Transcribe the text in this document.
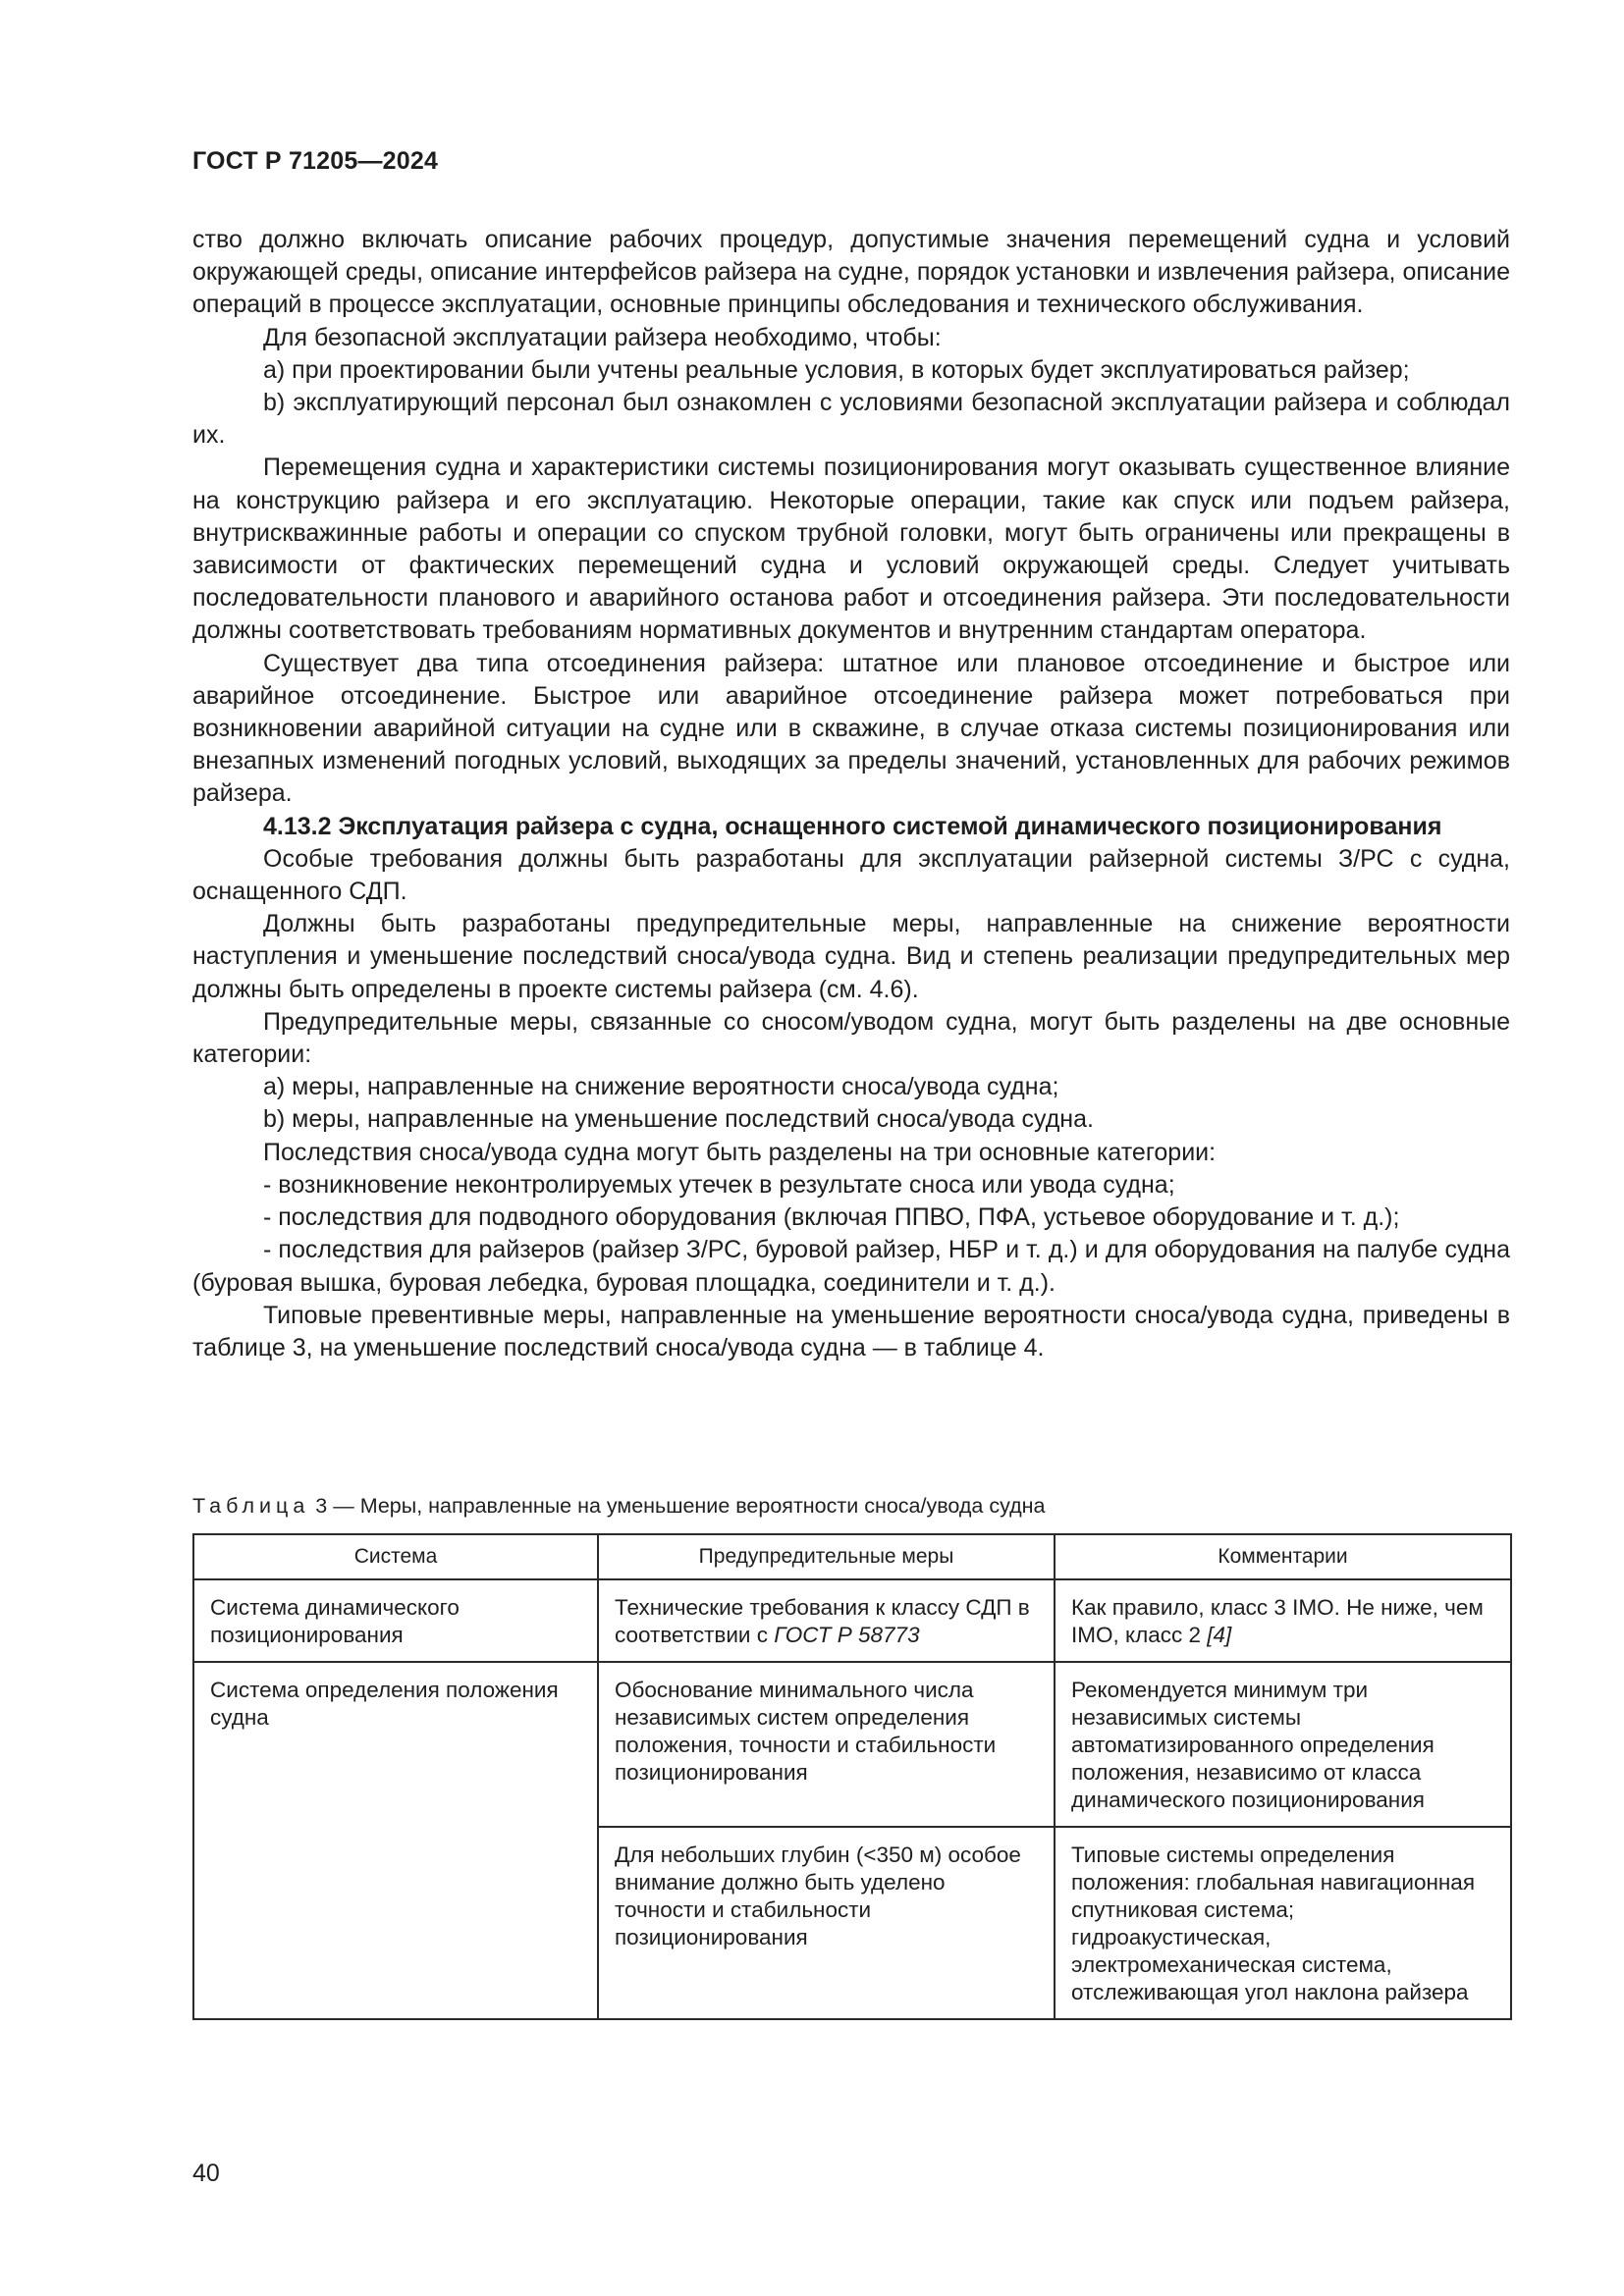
ГОСТ Р 71205—2024

ство должно включать описание рабочих процедур, допустимые значения перемещений судна и условий окружающей среды, описание интерфейсов райзера на судне, порядок установки и извлечения райзера, описание операций в процессе эксплуатации, основные принципы обследования и технического обслуживания.

Для безопасной эксплуатации райзера необходимо, чтобы:

a) при проектировании были учтены реальные условия, в которых будет эксплуатироваться райзер;

b) эксплуатирующий персонал был ознакомлен с условиями безопасной эксплуатации райзера и соблюдал их.

Перемещения судна и характеристики системы позиционирования могут оказывать существенное влияние на конструкцию райзера и его эксплуатацию. Некоторые операции, такие как спуск или подъем райзера, внутрискважинные работы и операции со спуском трубной головки, могут быть ограничены или прекращены в зависимости от фактических перемещений судна и условий окружающей среды. Следует учитывать последовательности планового и аварийного останова работ и отсоединения райзера. Эти последовательности должны соответствовать требованиям нормативных документов и внутренним стандартам оператора.

Существует два типа отсоединения райзера: штатное или плановое отсоединение и быстрое или аварийное отсоединение. Быстрое или аварийное отсоединение райзера может потребоваться при возникновении аварийной ситуации на судне или в скважине, в случае отказа системы позиционирования или внезапных изменений погодных условий, выходящих за пределы значений, установленных для рабочих режимов райзера.

4.13.2 Эксплуатация райзера с судна, оснащенного системой динамического позиционирования

Особые требования должны быть разработаны для эксплуатации райзерной системы З/РС с судна, оснащенного СДП.

Должны быть разработаны предупредительные меры, направленные на снижение вероятности наступления и уменьшение последствий сноса/увода судна. Вид и степень реализации предупредительных мер должны быть определены в проекте системы райзера (см. 4.6).

Предупредительные меры, связанные со сносом/уводом судна, могут быть разделены на две основные категории:

a) меры, направленные на снижение вероятности сноса/увода судна;

b) меры, направленные на уменьшение последствий сноса/увода судна.

Последствия сноса/увода судна могут быть разделены на три основные категории:

- возникновение неконтролируемых утечек в результате сноса или увода судна;

- последствия для подводного оборудования (включая ППВО, ПФА, устьевое оборудование и т. д.);

- последствия для райзеров (райзер З/РС, буровой райзер, НБР и т. д.) и для оборудования на палубе судна (буровая вышка, буровая лебедка, буровая площадка, соединители и т. д.).

Типовые превентивные меры, направленные на уменьшение вероятности сноса/увода судна, приведены в таблице 3, на уменьшение последствий сноса/увода судна — в таблице 4.

Таблица 3 — Меры, направленные на уменьшение вероятности сноса/увода судна
Система	Предупредительные меры	Комментарии
Система динамического позиционирования	Технические требования к классу СДП в соответствии с ГОСТ Р 58773	Как правило, класс 3 IMO. Не ниже, чем IMO, класс 2 [4]
Система определения положения судна	Обоснование минимального числа независимых систем определения положения, точности и стабильности позиционирования	Рекомендуется минимум три независимых системы автоматизированного определения положения, независимо от класса динамического позиционирования
	Для небольших глубин (<350 м) особое внимание должно быть уделено точности и стабильности позиционирования	Типовые системы определения положения: глобальная навигационная спутниковая система; гидроакустическая, электромеханическая система, отслеживающая угол наклона райзера
40
